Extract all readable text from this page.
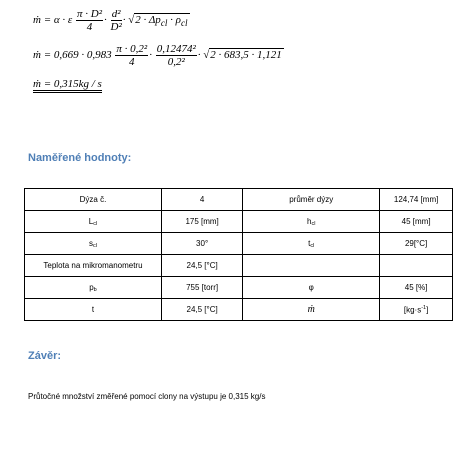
ṁ = α · ε $\frac{\text{π · D²}}{4} \cdot \frac{\text{d²}}{\text{D²}} \cdot √2 \cdot \Delta p_{cl} \cdot \rho_{cl}$
ṁ = $0,669 \cdot 0,983 \frac{\text{π · 0,2²}}{4} \cdot \frac{\text{0,12474²}}{\text{0,2²}} \cdot √2 \cdot 683,5 \cdot 1,121$
ṁ = 0,315kg / s
Naměřené hodnoty:
Dýza č.	4	průměr dýzy	124,74 [mm]
$L_{cl}$	175 [mm]	$h_{cl}$	45 [mm]
$s_{cl}$	30°	$t_{cl}$	29[°C]
Teplota na mikromanometru	24,5 [°C]		
$p_b$	755 [torr]	φ	45 [%]
t	24,5 [°C]	ṁ	$[kg\cdot s^{-1}]$
Závěr:
Průtočné množství změřené pomocí clony na výstupu je 0,315 kg/s
